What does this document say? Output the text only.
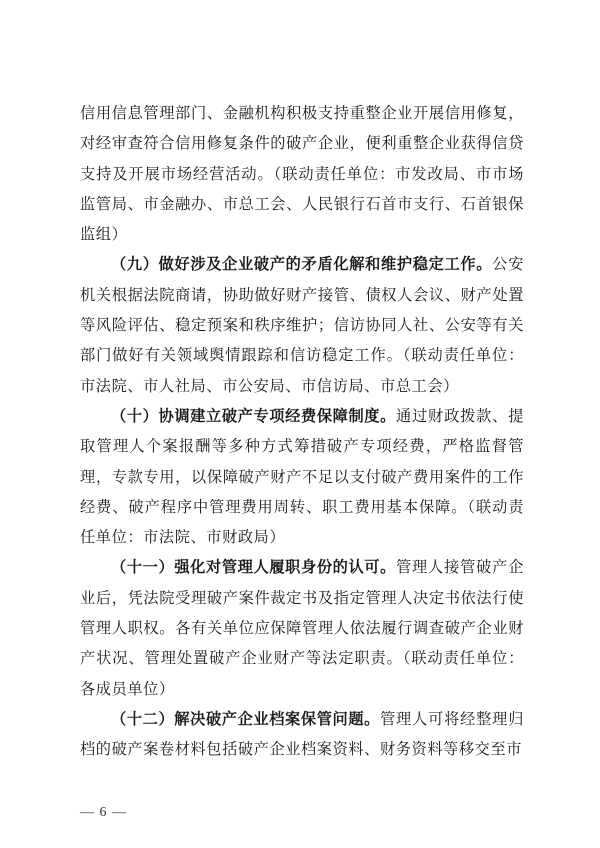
信用信息管理部门、金融机构积极支持重整企业开展信用修复，对经审查符合信用修复条件的破产企业，便利重整企业获得信贷支持及开展市场经营活动。（联动责任单位：市发改局、市市场监管局、市金融办、市总工会、人民银行石首市支行、石首银保监组）

（九）做好涉及企业破产的矛盾化解和维护稳定工作。公安机关根据法院商请，协助做好财产接管、债权人会议、财产处置等风险评估、稳定预案和秩序维护；信访协同人社、公安等有关部门做好有关领域舆情跟踪和信访稳定工作。（联动责任单位：市法院、市人社局、市公安局、市信访局、市总工会）

（十）协调建立破产专项经费保障制度。通过财政拨款、提取管理人个案报酬等多种方式筹措破产专项经费，严格监督管理，专款专用，以保障破产财产不足以支付破产费用案件的工作经费、破产程序中管理费用周转、职工费用基本保障。（联动责任单位：市法院、市财政局）

（十一）强化对管理人履职身份的认可。管理人接管破产企业后，凭法院受理破产案件裁定书及指定管理人决定书依法行使管理人职权。各有关单位应保障管理人依法履行调查破产企业财产状况、管理处置破产企业财产等法定职责。（联动责任单位：各成员单位）

（十二）解决破产企业档案保管问题。管理人可将经整理归档的破产案卷材料包括破产企业档案资料、财务资料等移交至市

— 6 —
